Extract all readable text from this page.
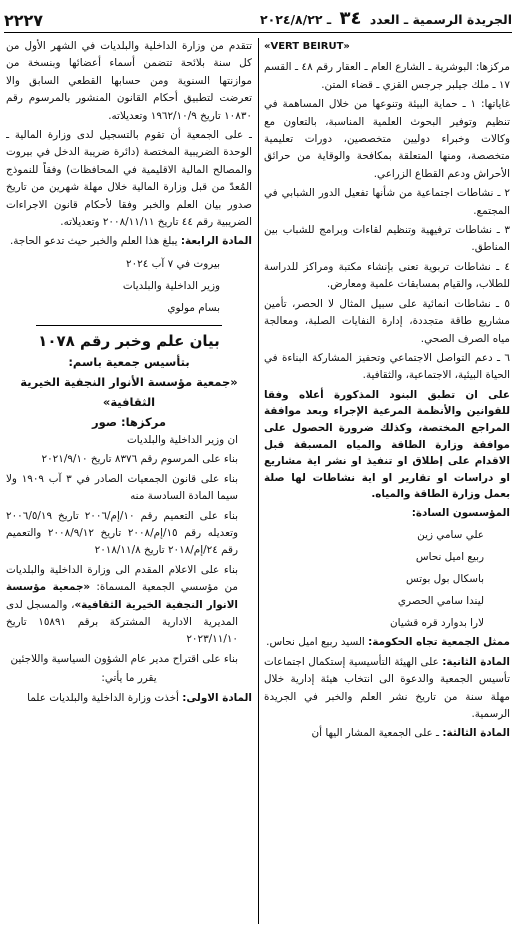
الجريدة الرسمية ـ العدد ٣٤ ـ ٢٠٢٤/٨/٢٢
٢٢٢٧
«VERT BEIRUT»

مركزها: البوشرية ـ الشارع العام ـ العقار رقم ٤٨ ـ القسم ١٧ ـ ملك جيلبر جرجس القزي ـ قضاء المتن.

غاياتها: ١ ـ حماية البيئة وتنوعها من خلال المساهمة في تنظيم وتوفير البحوث العلمية المناسبة، بالتعاون مع وكالات وخبراء دوليين متخصصين، دورات تعليمية متخصصة، ومنها المتعلقة بمكافحة والوقاية من حرائق الأحراش ودعم القطاع الزراعي.

٢ ـ نشاطات اجتماعية من شأنها تفعيل الدور الشبابي في المجتمع.

٣ ـ نشاطات ترفيهية وتنظيم لقاءات وبرامج للشباب بين المناطق.

٤ ـ نشاطات تربوية تعنى بإنشاء مكتبة ومراكز للدراسة للطلاب، والقيام بمسابقات علمية ومعارض.

٥ ـ نشاطات انمائية على سبيل المثال لا الحصر، تأمين مشاريع طاقة متجددة، إدارة النفايات الصلبة، ومعالجة مياه الصرف الصحي.

٦ ـ دعم التواصل الاجتماعي وتحفيز المشاركة البناءة في الحياة البيئية، الاجتماعية، والثقافية.

على ان تطبق البنود المذكورة أعلاه وفقا للقوانين والأنظمة المرعية الإجراء وبعد موافقة المراجع المختصة، وكذلك ضرورة الحصول على موافقة وزارة الطاقة والمياه المسبقة قبل الاقدام على إطلاق او تنفيذ او نشر اية مشاريع او دراسات او تقارير او اية نشاطات لها صلة بعمل وزارة الطاقة والمياه.

المؤسسون السادة:

علي سامي زين

ربيع اميل نحاس

باسكال بول بوتس

ليندا سامي الحصري

لارا بدوارد قره قشيان

ممثل الجمعية تجاه الحكومة: السيد ربيع اميل نحاس.

المادة الثانية: على الهيئة التأسيسية إستكمال اجتماعات تأسيس الجمعية والدعوة الى انتخاب هيئة إدارية خلال مهلة سنة من تاريخ نشر العلم والخبر في الجريدة الرسمية.

المادة الثالثة: ـ على الجمعية المشار اليها أن

تتقدم من وزارة الداخلية والبلديات في الشهر الأول من كل سنة بلائحة تتضمن أسماء أعضائها وبنسخة من موازنتها السنوية ومن حسابها القطعي السابق والا تعرضت لتطبيق أحكام القانون المنشور بالمرسوم رقم ١٠٨٣٠ تاريخ ١٩٦٢/١٠/٩ وتعديلاته.

ـ على الجمعية أن تقوم بالتسجيل لدى وزارة المالية ـ الوحدة الضريبية المختصة (دائرة ضريبة الدخل في بيروت والمصالح المالية الاقليمية في المحافظات) وفقاً للنموذج المُعدّ من قبل وزارة المالية خلال مهلة شهرين من تاريخ صدور بيان العلم والخبر وفقا لأحكام قانون الاجراءات الضريبية رقم ٤٤ تاريخ ٢٠٠٨/١١/١١ وتعديلاته.

المادة الرابعة: يبلغ هذا العلم والخبر حيث تدعو الحاجة.

بيروت في ٧ آب ٢٠٢٤
وزير الداخلية والبلديات
بسام مولوي
بيان علم وخبر رقم ١٠٧٨
بتأسيس جمعية باسم:
«جمعية مؤسسة الأنوار النجفية الخيرية الثقافية»
مركزها: صور

ان وزير الداخلية والبلديات

بناء على المرسوم رقم ٨٣٧٦ تاريخ ٢٠٢١/٩/١٠

بناء على قانون الجمعيات الصادر في ٣ آب ١٩٠٩ ولا سيما المادة السادسة منه

بناء على التعميم رقم ١٠/إم/٢٠٠٦ تاريخ ٢٠٠٦/٥/١٩ وتعديله رقم ١٥/إم/٢٠٠٨ تاريخ ٢٠٠٨/٩/١٢ والتعميم رقم ٢٤/إم/٢٠١٨ تاريخ ٢٠١٨/١١/٨

بناء على الاعلام المقدم الى وزارة الداخلية والبلديات من مؤسسي الجمعية المسماة: «جمعية مؤسسة الانوار النجفية الخيرية الثقافية»، والمسجل لدى المديرية الادارية المشتركة برقم ١٥٨٩١ تاريخ ٢٠٢٣/١١/١٠

بناء على اقتراح مدير عام الشؤون السياسية واللاجئين

يقرر ما يأتي:

المادة الاولى: أخذت وزارة الداخلية والبلديات علما
